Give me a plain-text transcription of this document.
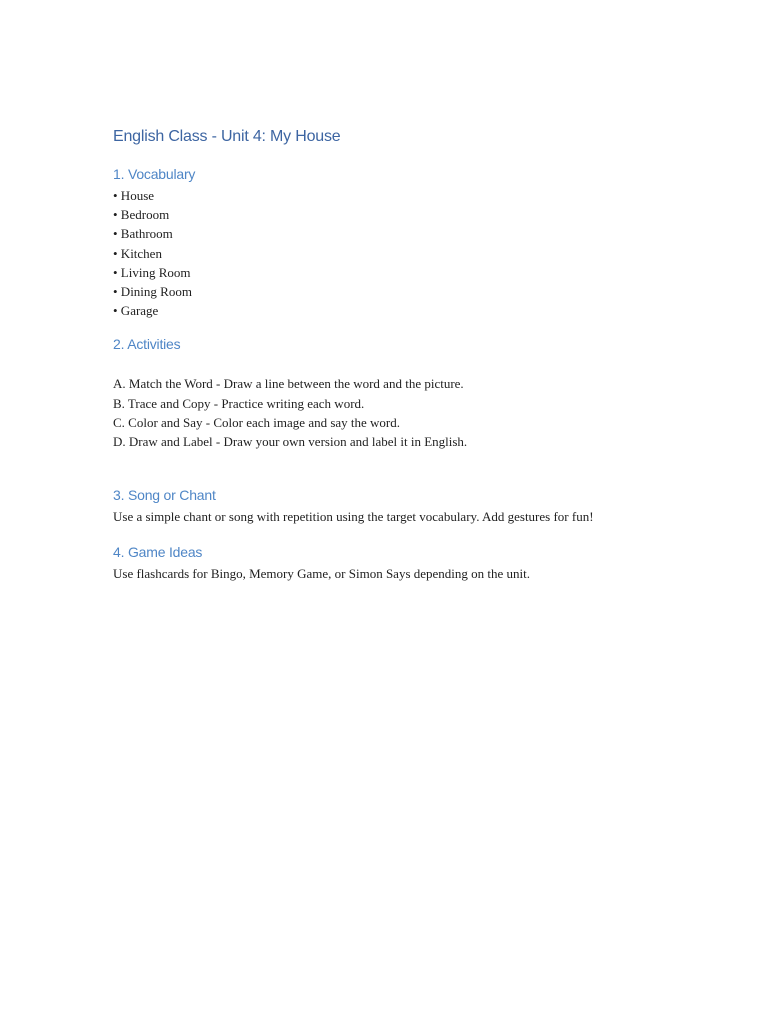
English Class - Unit 4: My House
1. Vocabulary
• House
• Bedroom
• Bathroom
• Kitchen
• Living Room
• Dining Room
• Garage
2. Activities
A. Match the Word - Draw a line between the word and the picture.
B. Trace and Copy - Practice writing each word.
C. Color and Say - Color each image and say the word.
D. Draw and Label - Draw your own version and label it in English.
3. Song or Chant

Use a simple chant or song with repetition using the target vocabulary. Add gestures for fun!

4. Game Ideas

Use flashcards for Bingo, Memory Game, or Simon Says depending on the unit.
